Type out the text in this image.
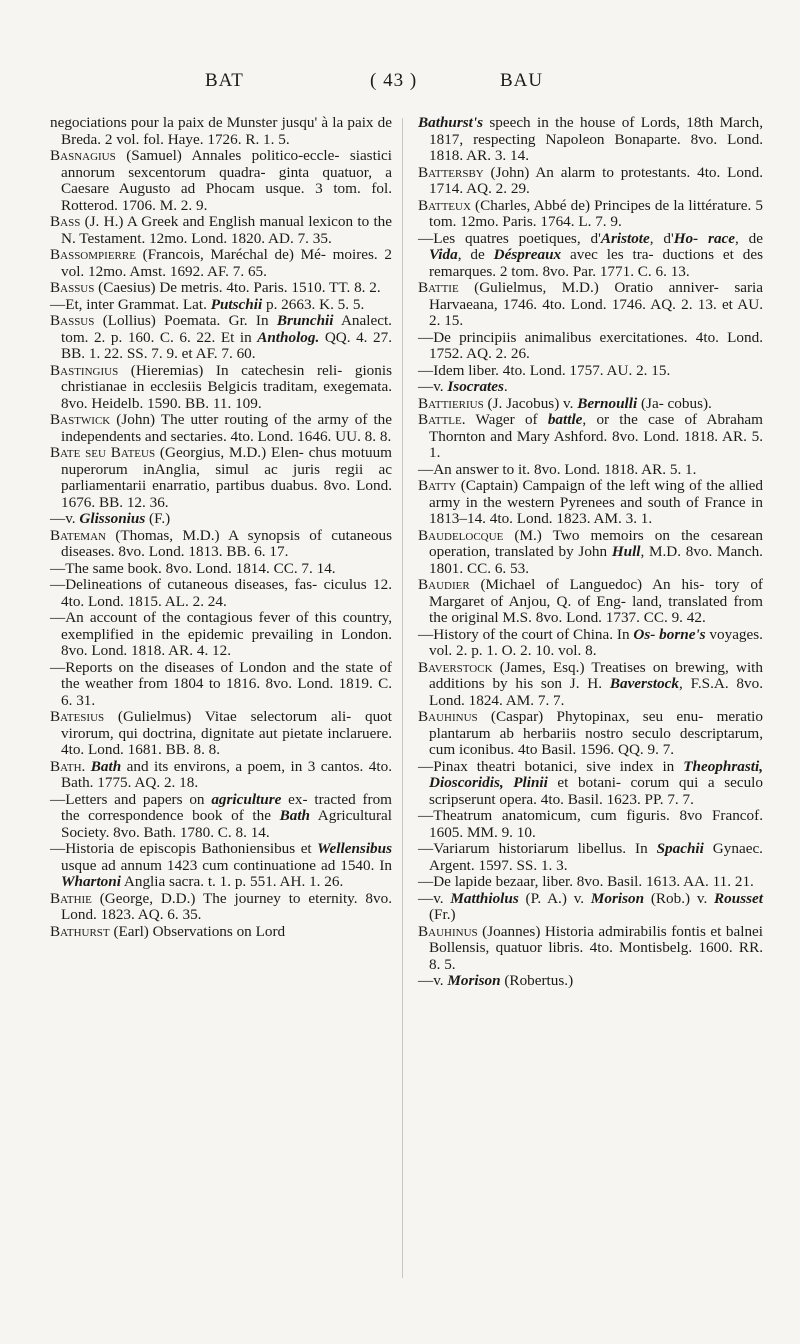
BAT	( 43 )	BAU

negociations pour la paix de Munster jusqu' à la paix de Breda. 2 vol. fol. Haye. 1726. R. 1. 5.

Basnagius (Samuel) Annales politico-eccle- siastici annorum sexcentorum quadra- ginta quatuor, a Caesare Augusto ad Phocam usque. 3 tom. fol. Rotterod. 1706. M. 2. 9.

Bass (J. H.) A Greek and English manual lexicon to the N. Testament. 12mo. Lond. 1820. AD. 7. 35.

Bassompierre (Francois, Maréchal de) Mé- moires. 2 vol. 12mo. Amst. 1692. AF. 7. 65.

Bassus (Caesius) De metris. 4to. Paris. 1510. TT. 8. 2.

—Et, inter Grammat. Lat. Putschii p. 2663. K. 5. 5.

Bassus (Lollius) Poemata. Gr. In Brunchii Analect. tom. 2. p. 160. C. 6. 22. Et in Antholog. QQ. 4. 27. BB. 1. 22. SS. 7. 9. et AF. 7. 60.

Bastingius (Hieremias) In catechesin reli- gionis christianae in ecclesiis Belgicis traditam, exegemata. 8vo. Heidelb. 1590. BB. 11. 109.

Bastwick (John) The utter routing of the army of the independents and sectaries. 4to. Lond. 1646. UU. 8. 8.

Bate seu Bateus (Georgius, M.D.) Elen- chus motuum nuperorum inAnglia, simul ac juris regii ac parliamentarii enarratio, partibus duabus. 8vo. Lond. 1676. BB. 12. 36.

—v. Glissonius (F.)

Bateman (Thomas, M.D.) A synopsis of cutaneous diseases. 8vo. Lond. 1813. BB. 6. 17.

—The same book. 8vo. Lond. 1814. CC. 7. 14.

—Delineations of cutaneous diseases, fas- ciculus 12. 4to. Lond. 1815. AL. 2. 24.

—An account of the contagious fever of this country, exemplified in the epidemic prevailing in London. 8vo. Lond. 1818. AR. 4. 12.

—Reports on the diseases of London and the state of the weather from 1804 to 1816. 8vo. Lond. 1819. C. 6. 31.

Batesius (Gulielmus) Vitae selectorum ali- quot virorum, qui doctrina, dignitate aut pietate inclaruere. 4to. Lond. 1681. BB. 8. 8.

Bath. Bath and its environs, a poem, in 3 cantos. 4to. Bath. 1775. AQ. 2. 18.

—Letters and papers on agriculture ex- tracted from the correspondence book of the Bath Agricultural Society. 8vo. Bath. 1780. C. 8. 14.

—Historia de episcopis Bathoniensibus et Wellensibus usque ad annum 1423 cum continuatione ad 1540. In Whartoni Anglia sacra. t. 1. p. 551. AH. 1. 26.

Bathie (George, D.D.) The journey to eternity. 8vo. Lond. 1823. AQ. 6. 35.

Bathurst (Earl) Observations on Lord

Bathurst's speech in the house of Lords, 18th March, 1817, respecting Napoleon Bonaparte. 8vo. Lond. 1818. AR. 3. 14.

Battersby (John) An alarm to protestants. 4to. Lond. 1714. AQ. 2. 29.

Batteux (Charles, Abbé de) Principes de la littérature. 5 tom. 12mo. Paris. 1764. L. 7. 9.

—Les quatres poetiques, d'Aristote, d'Ho- race, de Vida, de Déspreaux avec les tra- ductions et des remarques. 2 tom. 8vo. Par. 1771. C. 6. 13.

Battie (Gulielmus, M.D.) Oratio anniver- saria Harvaeana, 1746. 4to. Lond. 1746. AQ. 2. 13. et AU. 2. 15.

—De principiis animalibus exercitationes. 4to. Lond. 1752. AQ. 2. 26.

—Idem liber. 4to. Lond. 1757. AU. 2. 15.

—v. Isocrates.

Battierius (J. Jacobus) v. Bernoulli (Ja- cobus).

Battle. Wager of battle, or the case of Abraham Thornton and Mary Ashford. 8vo. Lond. 1818. AR. 5. 1.

—An answer to it. 8vo. Lond. 1818. AR. 5. 1.

Batty (Captain) Campaign of the left wing of the allied army in the western Pyrenees and south of France in 1813–14. 4to. Lond. 1823. AM. 3. 1.

Baudelocque (M.) Two memoirs on the cesarean operation, translated by John Hull, M.D. 8vo. Manch. 1801. CC. 6. 53.

Baudier (Michael of Languedoc) An his- tory of Margaret of Anjou, Q. of Eng- land, translated from the original M.S. 8vo. Lond. 1737. CC. 9. 42.

—History of the court of China. In Os- borne's voyages. vol. 2. p. 1. O. 2. 10. vol. 8.

Baverstock (James, Esq.) Treatises on brewing, with additions by his son J. H. Baverstock, F.S.A. 8vo. Lond. 1824. AM. 7. 7.

Bauhinus (Caspar) Phytopinax, seu enu- meratio plantarum ab herbariis nostro seculo descriptarum, cum iconibus. 4to Basil. 1596. QQ. 9. 7.

—Pinax theatri botanici, sive index in Theophrasti, Dioscoridis, Plinii et botani- corum qui a seculo scripserunt opera. 4to. Basil. 1623. PP. 7. 7.

—Theatrum anatomicum, cum figuris. 8vo Francof. 1605. MM. 9. 10.

—Variarum historiarum libellus. In Spachii Gynaec. Argent. 1597. SS. 1. 3.

—De lapide bezaar, liber. 8vo. Basil. 1613. AA. 11. 21.

—v. Matthiolus (P. A.) v. Morison (Rob.) v. Rousset (Fr.)

Bauhinus (Joannes) Historia admirabilis fontis et balnei Bollensis, quatuor libris. 4to. Montisbelg. 1600. RR. 8. 5.

—v. Morison (Robertus.)
